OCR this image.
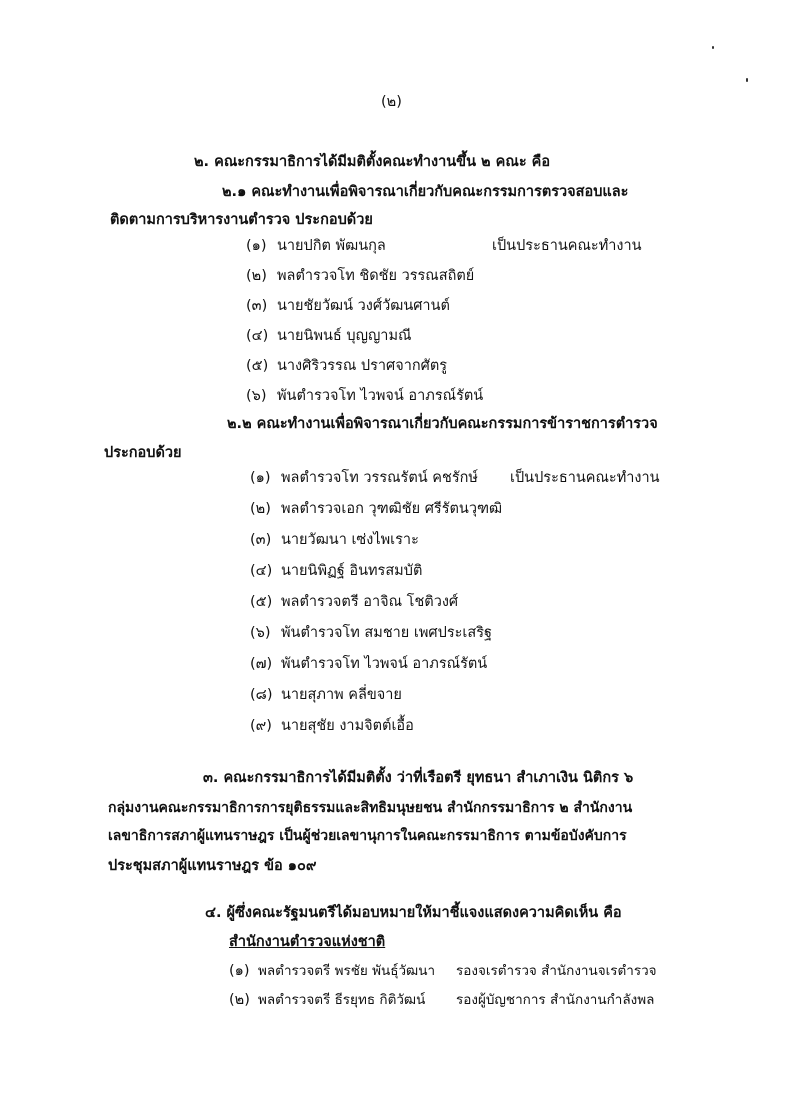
(๒)
๒. คณะกรรมาธิการได้มีมติตั้งคณะทำงานขึ้น ๒ คณะ คือ
๒.๑ คณะทำงานเพื่อพิจารณาเกี่ยวกับคณะกรรมการตรวจสอบและ
ติดตามการบริหารงานตำรวจ ประกอบด้วย
(๑) นายปกิต พัฒนกุล	เป็นประธานคณะทำงาน
(๒) พลตำรวจโท ชิดชัย วรรณสถิตย์
(๓) นายชัยวัฒน์ วงศ์วัฒนศานต์
(๔) นายนิพนธ์ บุญญามณี
(๕) นางศิริวรรณ ปราศจากศัตรู
(๖) พันตำรวจโท ไวพจน์ อาภรณ์รัตน์
๒.๒ คณะทำงานเพื่อพิจารณาเกี่ยวกับคณะกรรมการข้าราชการตำรวจ
ประกอบด้วย
(๑) พลตำรวจโท วรรณรัตน์ คชรักษ์ เป็นประธานคณะทำงาน
(๒) พลตำรวจเอก วุฑฒิชัย ศรีรัตนวุฑฒิ
(๓) นายวัฒนา เซ่งไพเราะ
(๔) นายนิพิฏฐ์ อินทรสมบัติ
(๕) พลตำรวจตรี อาจิณ โชติวงศ์
(๖) พันตำรวจโท สมชาย เพศประเสริฐ
(๗) พันตำรวจโท ไวพจน์ อาภรณ์รัตน์
(๘) นายสุภาพ คลี่ขจาย
(๙) นายสุชัย งามจิตต์เอื้อ
๓. คณะกรรมาธิการได้มีมติตั้ง ว่าที่เรือตรี ยุทธนา สำเภาเงิน นิติกร ๖
กลุ่มงานคณะกรรมาธิการการยุติธรรมและสิทธิมนุษยชน สำนักกรรมาธิการ ๒ สำนักงาน
เลขาธิการสภาผู้แทนราษฎร เป็นผู้ช่วยเลขานุการในคณะกรรมาธิการ ตามข้อบังคับการ
ประชุมสภาผู้แทนราษฎร ข้อ ๑๐๙
๔. ผู้ซึ่งคณะรัฐมนตรีได้มอบหมายให้มาชี้แจงแสดงความคิดเห็น คือ
สำนักงานตำรวจแห่งชาติ
(๑) พลตำรวจตรี พรชัย พันธุ์วัฒนา รองจเรตำรวจ สำนักงานจเรตำรวจ
(๒) พลตำรวจตรี ธีรยุทธ กิติวัฒน์ รองผู้บัญชาการ สำนักงานกำลังพล
